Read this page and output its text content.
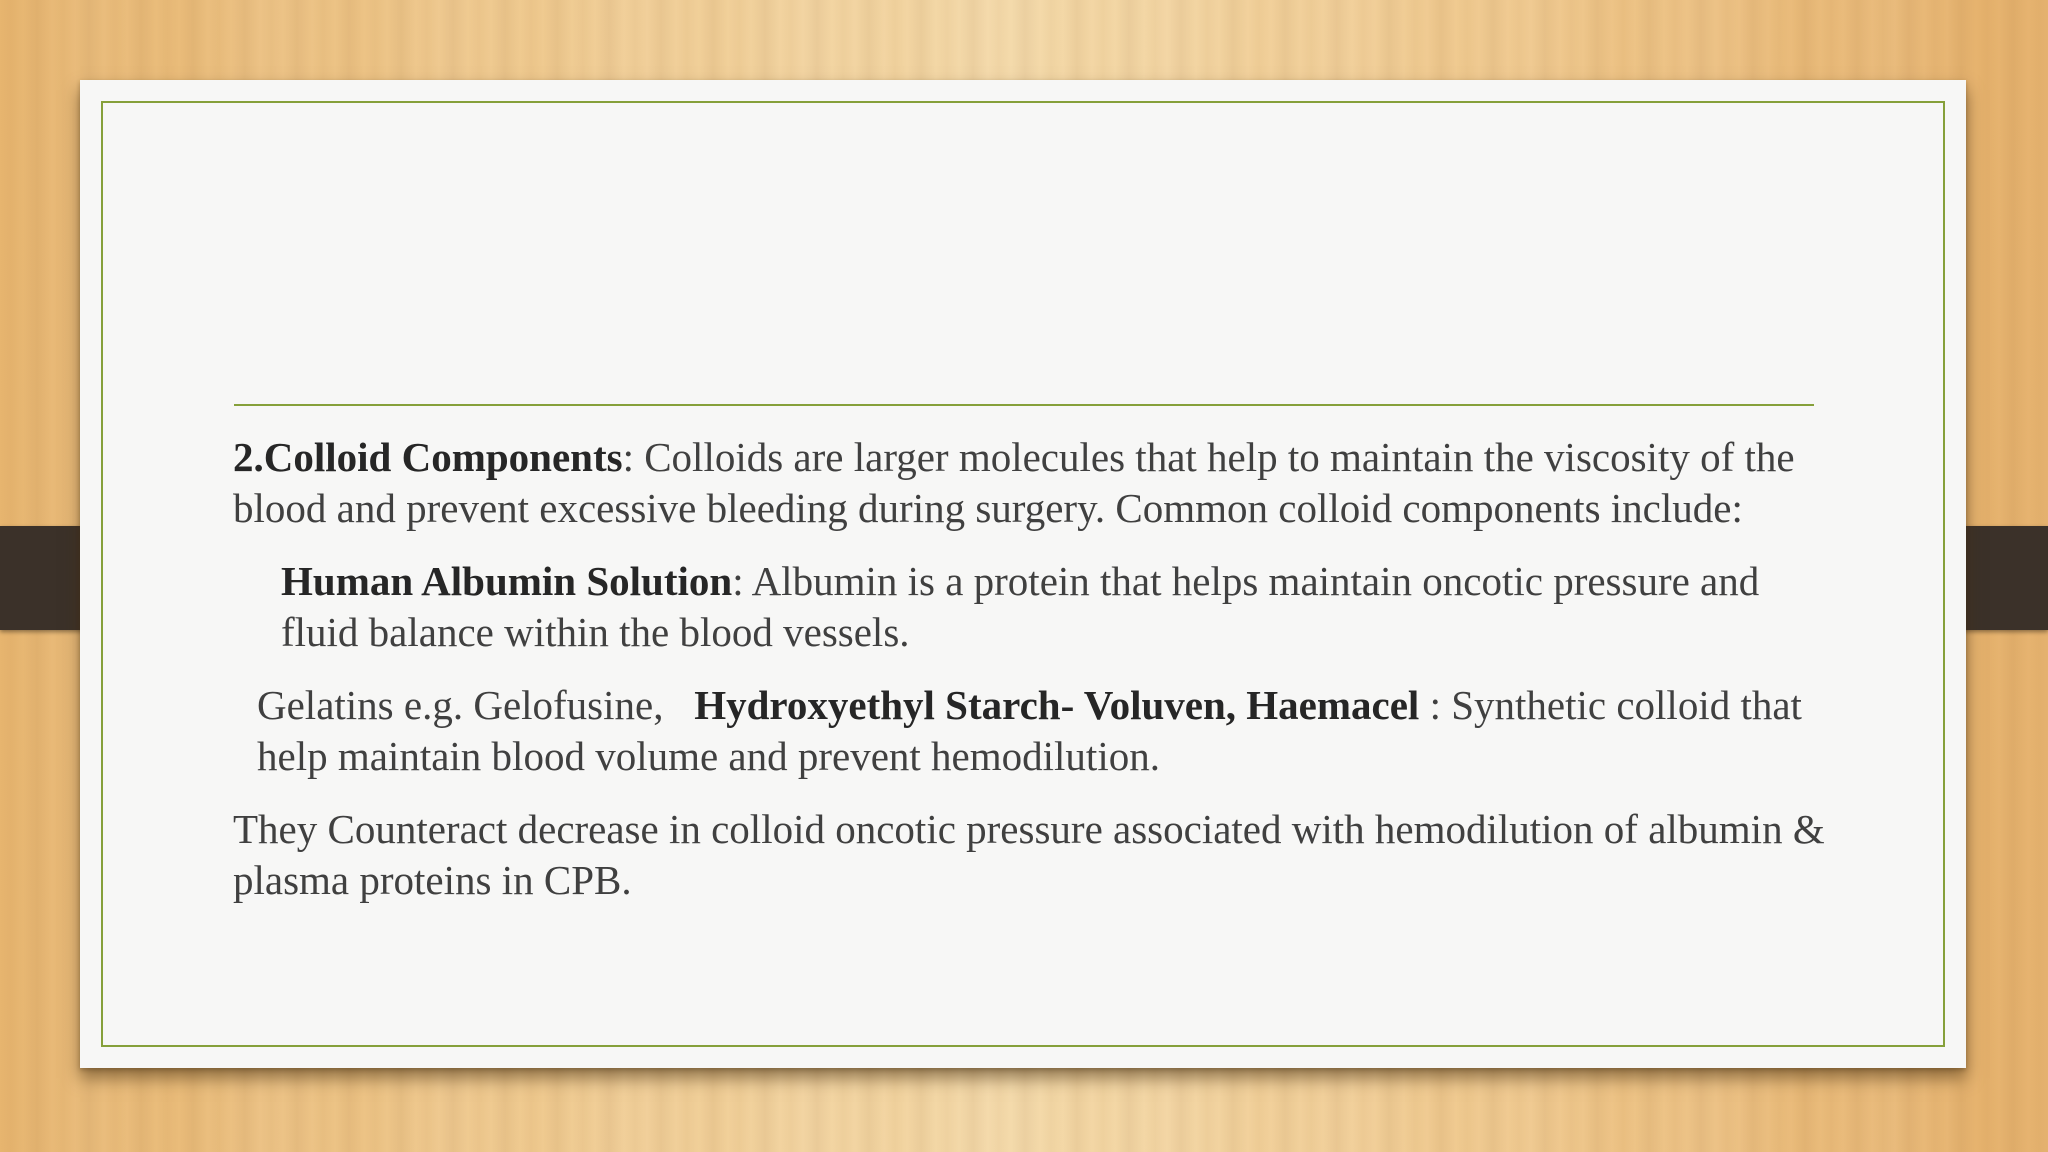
2.Colloid Components: Colloids are larger molecules that help to maintain the viscosity of the blood and prevent excessive bleeding during surgery. Common colloid components include:

Human Albumin Solution: Albumin is a protein that helps maintain oncotic pressure and fluid balance within the blood vessels.

Gelatins e.g. Gelofusine,   Hydroxyethyl Starch- Voluven, Haemacel : Synthetic colloid that help maintain blood volume and prevent hemodilution.

They Counteract decrease in colloid oncotic pressure associated with hemodilution of albumin & plasma proteins in CPB.
